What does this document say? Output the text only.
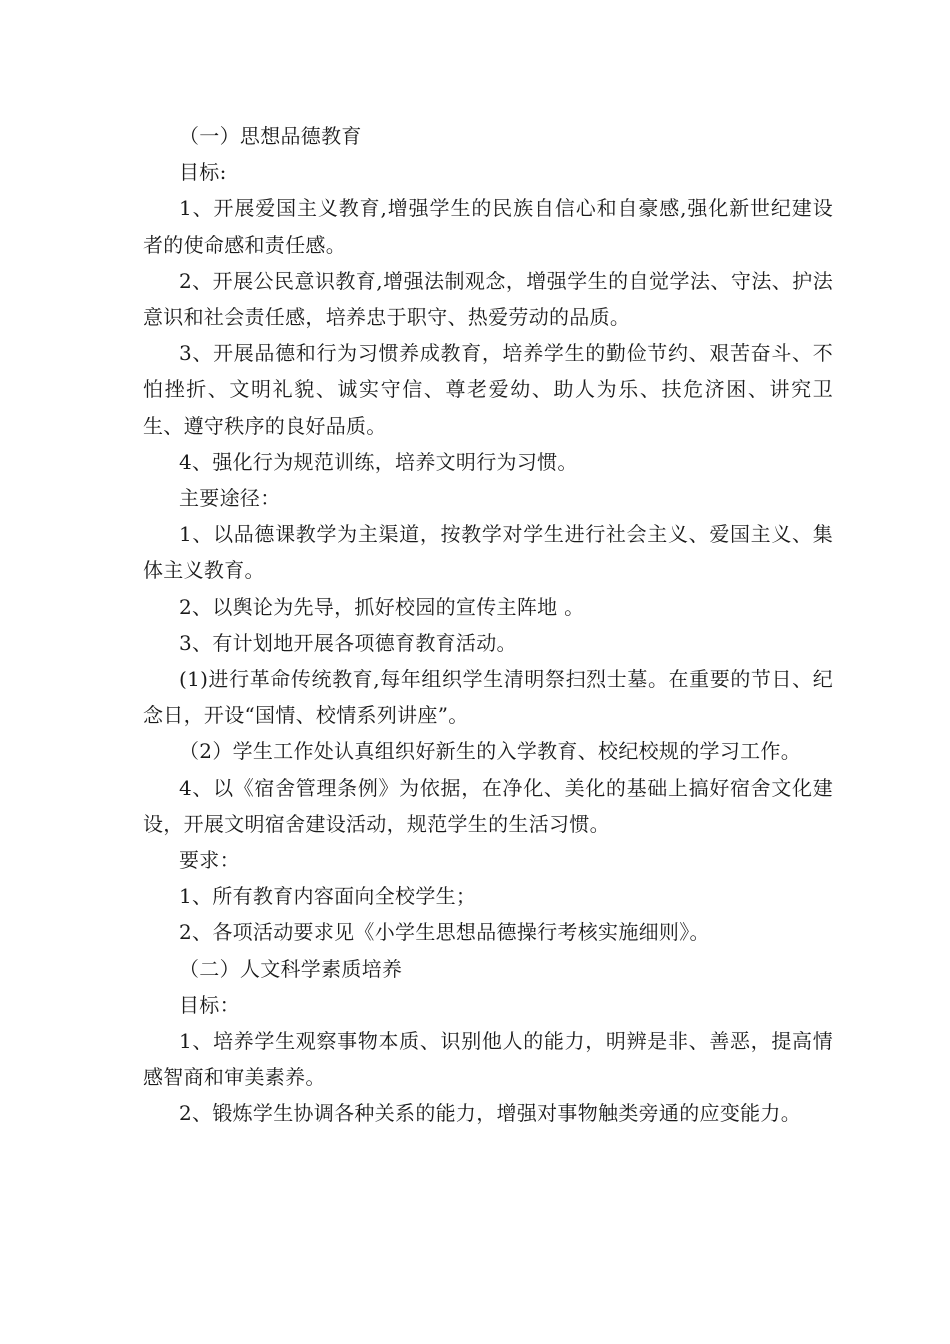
（一）思想品德教育

目标:

1、开展爱国主义教育,增强学生的民族自信心和自豪感,强化新世纪建设者的使命感和责任感。

2、开展公民意识教育,增强法制观念，增强学生的自觉学法、守法、护法意识和社会责任感，培养忠于职守、热爱劳动的品质。

3、开展品德和行为习惯养成教育，培养学生的勤俭节约、艰苦奋斗、不怕挫折、文明礼貌、诚实守信、尊老爱幼、助人为乐、扶危济困、讲究卫生、遵守秩序的良好品质。

4、强化行为规范训练，培养文明行为习惯。

主要途径：

1、以品德课教学为主渠道，按教学对学生进行社会主义、爱国主义、集体主义教育。

2、以舆论为先导，抓好校园的宣传主阵地 。

3、有计划地开展各项德育教育活动。

(1)进行革命传统教育,每年组织学生清明祭扫烈士墓。在重要的节日、纪念日，开设“国情、校情系列讲座”。

（2）学生工作处认真组织好新生的入学教育、校纪校规的学习工作。

4、以《宿舍管理条例》为依据，在净化、美化的基础上搞好宿舍文化建设，开展文明宿舍建设活动，规范学生的生活习惯。

要求：

1、所有教育内容面向全校学生；

2、各项活动要求见《小学生思想品德操行考核实施细则》。

（二）人文科学素质培养

目标：

1、培养学生观察事物本质、识别他人的能力，明辨是非、善恶，提高情感智商和审美素养。

2、锻炼学生协调各种关系的能力，增强对事物触类旁通的应变能力。
